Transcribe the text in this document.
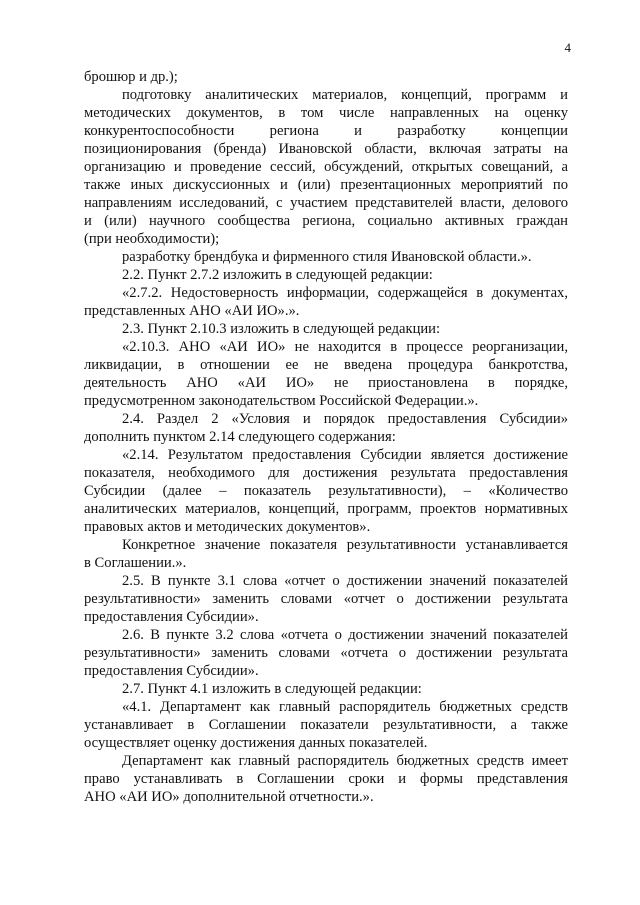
4
брошюр и др.);
подготовку аналитических материалов, концепций, программ и
методических документов, в том числе направленных на оценку
конкурентоспособности региона и разработку концепции
позиционирования (бренда) Ивановской области, включая затраты на
организацию и проведение сессий, обсуждений, открытых совещаний, а
также иных дискуссионных и (или) презентационных мероприятий по
направлениям исследований, с участием представителей власти, делового
и (или) научного сообщества региона, социально активных граждан
(при необходимости);
разработку брендбука и фирменного стиля Ивановской области.».
2.2. Пункт 2.7.2 изложить в следующей редакции:
«2.7.2. Недостоверность информации, содержащейся в документах,
представленных АНО «АИ ИО».».
2.3. Пункт 2.10.3 изложить в следующей редакции:
«2.10.3. АНО «АИ ИО» не находится в процессе реорганизации,
ликвидации, в отношении ее не введена процедура банкротства,
деятельность АНО «АИ ИО» не приостановлена в порядке,
предусмотренном законодательством Российской Федерации.».
2.4. Раздел 2 «Условия и порядок предоставления Субсидии»
дополнить пунктом 2.14 следующего содержания:
«2.14. Результатом предоставления Субсидии является достижение
показателя, необходимого для достижения результата предоставления
Субсидии (далее – показатель результативности), – «Количество
аналитических материалов, концепций, программ, проектов нормативных
правовых актов и методических документов».
Конкретное значение показателя результативности устанавливается
в Соглашении.».
2.5. В пункте 3.1 слова «отчет о достижении значений показателей
результативности» заменить словами «отчет о достижении результата
предоставления Субсидии».
2.6. В пункте 3.2 слова «отчета о достижении значений показателей
результативности» заменить словами «отчета о достижении результата
предоставления Субсидии».
2.7. Пункт 4.1 изложить в следующей редакции:
«4.1. Департамент как главный распорядитель бюджетных средств
устанавливает в Соглашении показатели результативности, а также
осуществляет оценку достижения данных показателей.
Департамент как главный распорядитель бюджетных средств имеет
право устанавливать в Соглашении сроки и формы представления
АНО «АИ ИО» дополнительной отчетности.».
